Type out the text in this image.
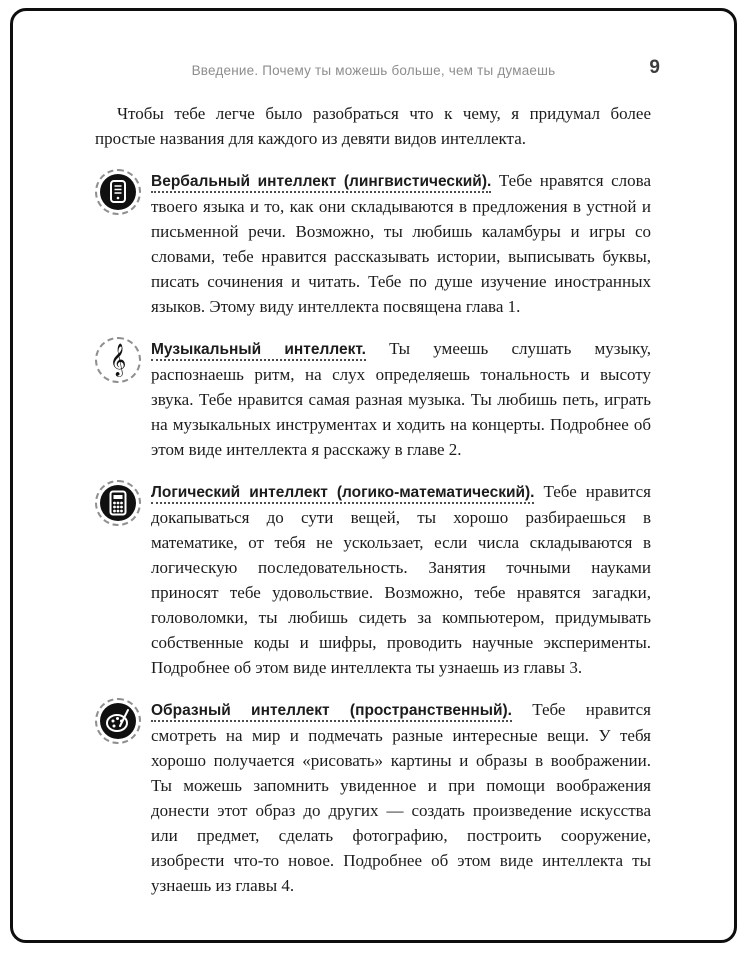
Введение. Почему ты можешь больше, чем ты думаешь	9

Чтобы тебе легче было разобраться что к чему, я придумал более простые названия для каждого из девяти видов интеллекта.

Вербальный интеллект (лингвистический). Тебе нравятся слова твоего языка и то, как они складываются в предложения в устной и письменной речи. Возможно, ты любишь каламбуры и игры со словами, тебе нравится рассказывать истории, выписывать буквы, писать сочинения и читать. Тебе по душе изучение иностранных языков. Этому виду интеллекта посвящена глава 1.

𝄞 Музыкальный интеллект. Ты умеешь слушать музыку, распознаешь ритм, на слух определяешь тональность и высоту звука. Тебе нравится самая разная музыка. Ты любишь петь, играть на музыкальных инструментах и ходить на концерты. Подробнее об этом виде интеллекта я расскажу в главе 2.

Логический интеллект (логико-математический). Тебе нравится докапываться до сути вещей, ты хорошо разбираешься в математике, от тебя не ускользает, если числа складываются в логическую последовательность. Занятия точными науками приносят тебе удовольствие. Возможно, тебе нравятся загадки, головоломки, ты любишь сидеть за компьютером, придумывать собственные коды и шифры, проводить научные эксперименты. Подробнее об этом виде интеллекта ты узнаешь из главы 3.

Образный интеллект (пространственный). Тебе нравится смотреть на мир и подмечать разные интересные вещи. У тебя хорошо получается «рисовать» картины и образы в воображении. Ты можешь запомнить увиденное и при помощи воображения донести этот образ до других — создать произведение искусства или предмет, сделать фотографию, построить сооружение, изобрести что-то новое. Подробнее об этом виде интеллекта ты узнаешь из главы 4.
